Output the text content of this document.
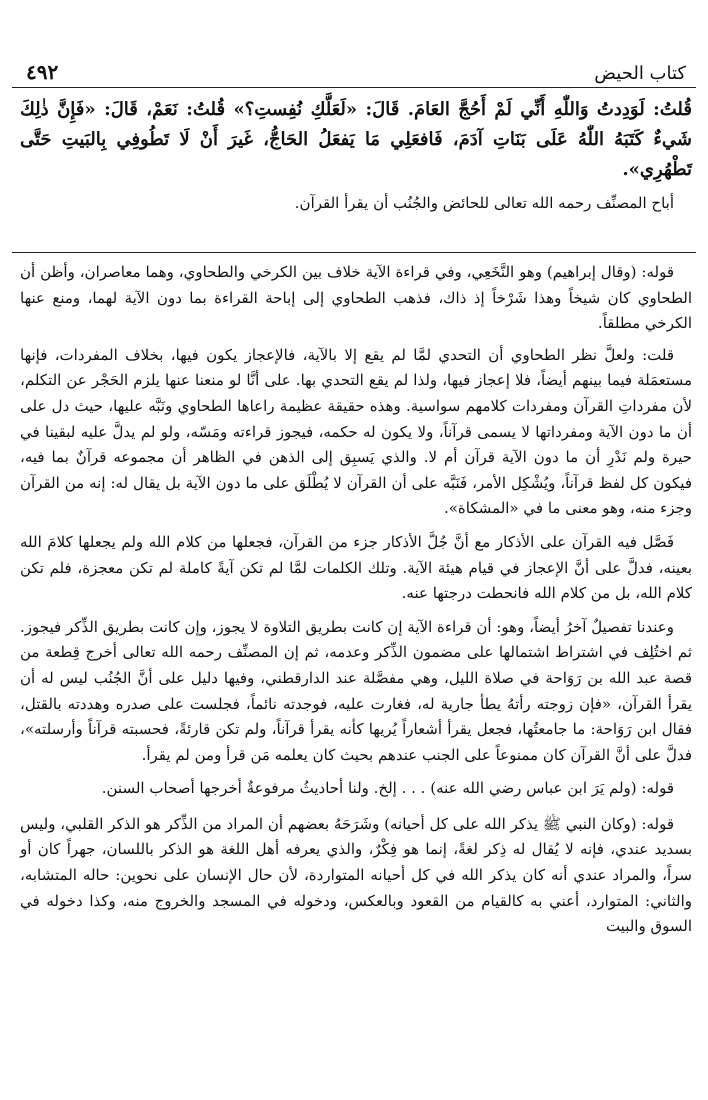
٤٩٢	كتاب الحيض

قُلتُ: لَوَدِدتُ وَاللّٰهِ أَنِّي لَمْ أَحُجَّ العَامَ. قَالَ: «لَعَلَّكِ نُفِستِ؟» قُلتُ: نَعَمْ، قَالَ: «فَإِنَّ ذٰلِكَ شَيءٌ كَتَبَهُ اللّٰهُ عَلَى بَنَاتِ آدَمَ، فَافعَلِي مَا يَفعَلُ الحَاجُّ، غَيرَ أَنْ لَا تَطُوفِي بِالبَيتِ حَتَّى تَطْهُرِي».

أباح المصنِّف رحمه الله تعالى للحائض والجُنُب أن يقرأ القرآن.

قوله: (وقال إبراهيم) وهو النَّخَعِي، وفي قراءة الآية خلاف بين الكرخي والطحاوي، وهما معاصران، وأظن أن الطحاوي كان شيخاً وهذا شَرْخاً إذ ذاك، فذهب الطحاوي إلى إباحة القراءة بما دون الآية لهما، ومنع عنها الكرخي مطلقاً.

قلت: ولعلَّ نظر الطحاوي أن التحدي لمَّا لم يقع إلا بالآية، فالإعجاز يكون فيها، بخلاف المفردات، فإنها مستعمَلة فيما بينهم أيضاً، فلا إعجاز فيها، ولذا لم يقع التحدي بها. على أنَّا لو منعنا عنها يلزم الحَجْر عن التكلم، لأن مفرداتِ القرآن ومفردات كلامهم سواسية. وهذه حقيقة عظيمة راعاها الطحاوي ونَبَّه عليها، حيث دل على أن ما دون الآية ومفرداتها لا يسمى قرآناً، ولا يكون له حكمه، فيجوز قراءته ومَسّه، ولو لم يدلَّ عليه لبقينا في حيرة ولم نَدْرِ أن ما دون الآية قرآن أم لا. والذي يَسبِق إلى الذهن في الظاهر أن مجموعه قرآنٌ بما فيه، فيكون كل لفظ قرآناً، ويُشْكِل الأمر، فَنَبَّه على أن القرآن لا يُطْلَق على ما دون الآية بل يقال له: إنه من القرآن وجزء منه، وهو معنى ما في «المشكاة».

فَصَّل فيه القرآن على الأذكار مع أنَّ جُلَّ الأذكار جزء من القرآن، فجعلها من كلام الله ولم يجعلها كلامَ الله بعينه، فدلَّ على أنَّ الإعجاز في قيام هيئة الآية. وتلك الكلمات لمَّا لم تكن آيةً كاملة لم تكن معجزة، فلم تكن كلام الله، بل من كلام الله فانحطت درجتها عنه.

وعندنا تفصيلٌ آخرُ أيضاً، وهو: أن قراءة الآية إن كانت بطريق التلاوة لا يجوز، وإن كانت بطريق الذِّكر فيجوز. ثم اختُلِف في اشتراط اشتمالها على مضمون الذِّكر وعدمه، ثم إن المصنِّف رحمه الله تعالى أخرج قِطعة من قصة عبد الله بن رَوَاحة في صلاة الليل، وهي مفصَّلة عند الدارقطني، وفيها دليل على أنَّ الجُنُب ليس له أن يقرأ القرآن، «فإن زوجته رأتهُ يطأ جارية له، فغارت عليه، فوجدته نائماً، فجلست على صدره وهددته بالقتل، فقال ابن رَوَاحة: ما جامعتُها، فجعل يقرأ أشعاراً يُريها كأنه يقرأ قرآناً، ولم تكن قارئةً، فحسبته قرآناً وأرسلته»، فدلَّ على أنَّ القرآن كان ممنوعاً على الجنب عندهم بحيث كان يعلمه مَن قرأ ومن لم يقرأ.

قوله: (ولم يَرَ ابن عباس رضي الله عنه) . . . إلخ. ولنا أحاديثُ مرفوعةٌ أخرجها أصحاب السنن.

قوله: (وكان النبي ﷺ يذكر الله على كل أحيانه) وشَرَحَهُ بعضهم أن المراد من الذِّكر هو الذكر القلبي، وليس بسديد عندي، فإنه لا يُقال له ذِكر لغةً، إنما هو فِكْرٌ، والذي يعرفه أهل اللغة هو الذكر باللسان، جهراً كان أو سراً، والمراد عندي أنه كان يذكر الله في كل أحيانه المتواردة، لأن حال الإنسان على نحوين: حاله المتشابه، والثاني: المتوارد، أعني به كالقيام من القعود وبالعكس، ودخوله في المسجد والخروج منه، وكذا دخوله في السوق والبيت
